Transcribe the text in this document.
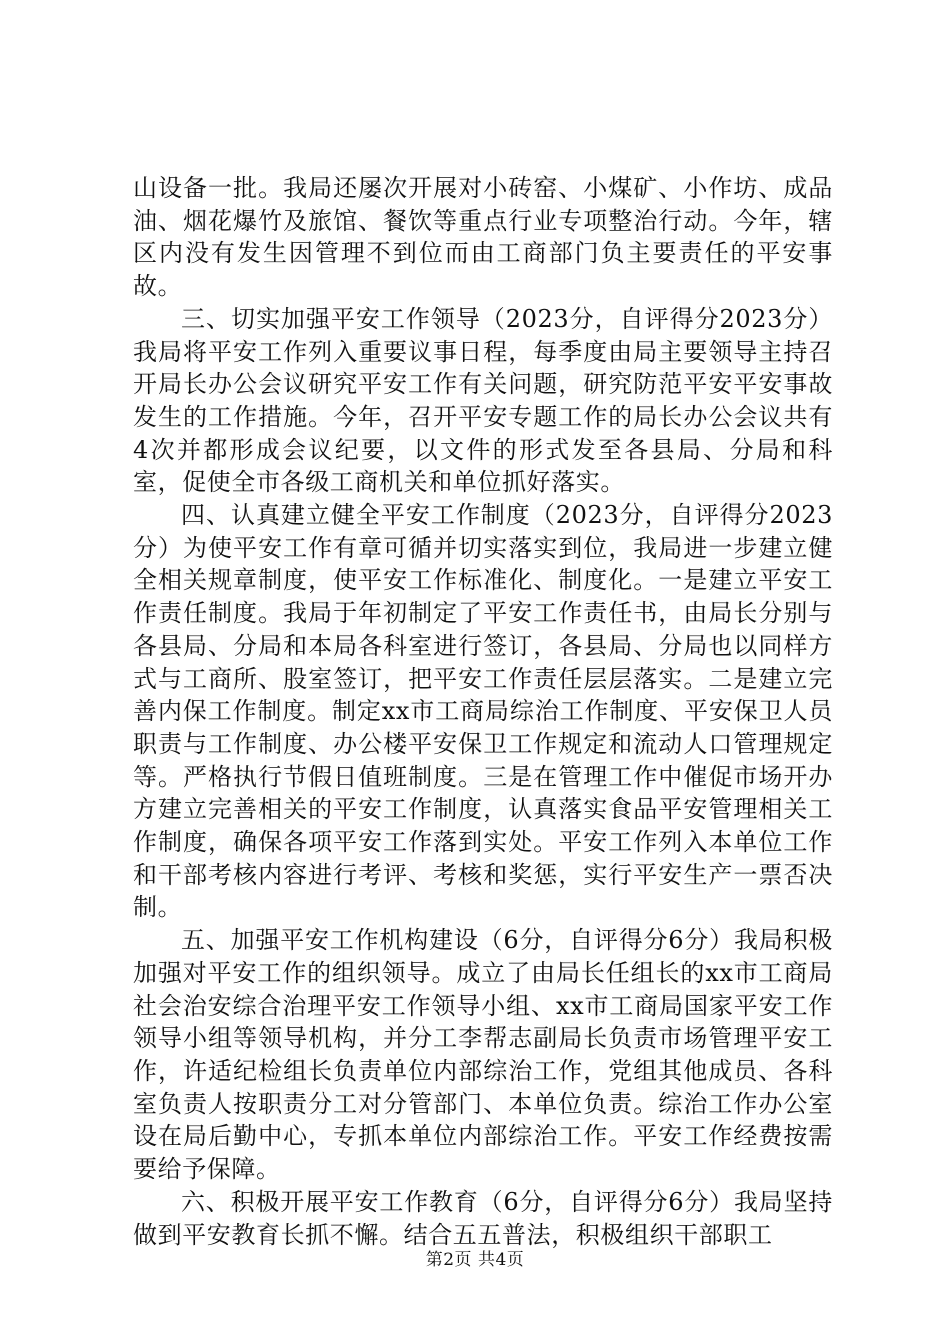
山设备一批。我局还屡次开展对小砖窑、小煤矿、小作坊、成品油、烟花爆竹及旅馆、餐饮等重点行业专项整治行动。今年，辖区内没有发生因管理不到位而由工商部门负主要责任的平安事故。

三、切实加强平安工作领导（2023分，自评得分2023分）我局将平安工作列入重要议事日程，每季度由局主要领导主持召开局长办公会议研究平安工作有关问题，研究防范平安平安事故发生的工作措施。今年，召开平安专题工作的局长办公会议共有4次并都形成会议纪要，以文件的形式发至各县局、分局和科室，促使全市各级工商机关和单位抓好落实。

四、认真建立健全平安工作制度（2023分，自评得分2023分）为使平安工作有章可循并切实落实到位，我局进一步建立健全相关规章制度，使平安工作标准化、制度化。一是建立平安工作责任制度。我局于年初制定了平安工作责任书，由局长分别与各县局、分局和本局各科室进行签订，各县局、分局也以同样方式与工商所、股室签订，把平安工作责任层层落实。二是建立完善内保工作制度。制定xx市工商局综治工作制度、平安保卫人员职责与工作制度、办公楼平安保卫工作规定和流动人口管理规定等。严格执行节假日值班制度。三是在管理工作中催促市场开办方建立完善相关的平安工作制度，认真落实食品平安管理相关工作制度，确保各项平安工作落到实处。平安工作列入本单位工作和干部考核内容进行考评、考核和奖惩，实行平安生产一票否决制。

五、加强平安工作机构建设（6分，自评得分6分）我局积极加强对平安工作的组织领导。成立了由局长任组长的xx市工商局社会治安综合治理平安工作领导小组、xx市工商局国家平安工作领导小组等领导机构，并分工李帮志副局长负责市场管理平安工作，许适纪检组长负责单位内部综治工作，党组其他成员、各科室负责人按职责分工对分管部门、本单位负责。综治工作办公室设在局后勤中心，专抓本单位内部综治工作。平安工作经费按需要给予保障。

六、积极开展平安工作教育（6分，自评得分6分）我局坚持做到平安教育长抓不懈。结合五五普法，积极组织干部职工

第2页 共4页
